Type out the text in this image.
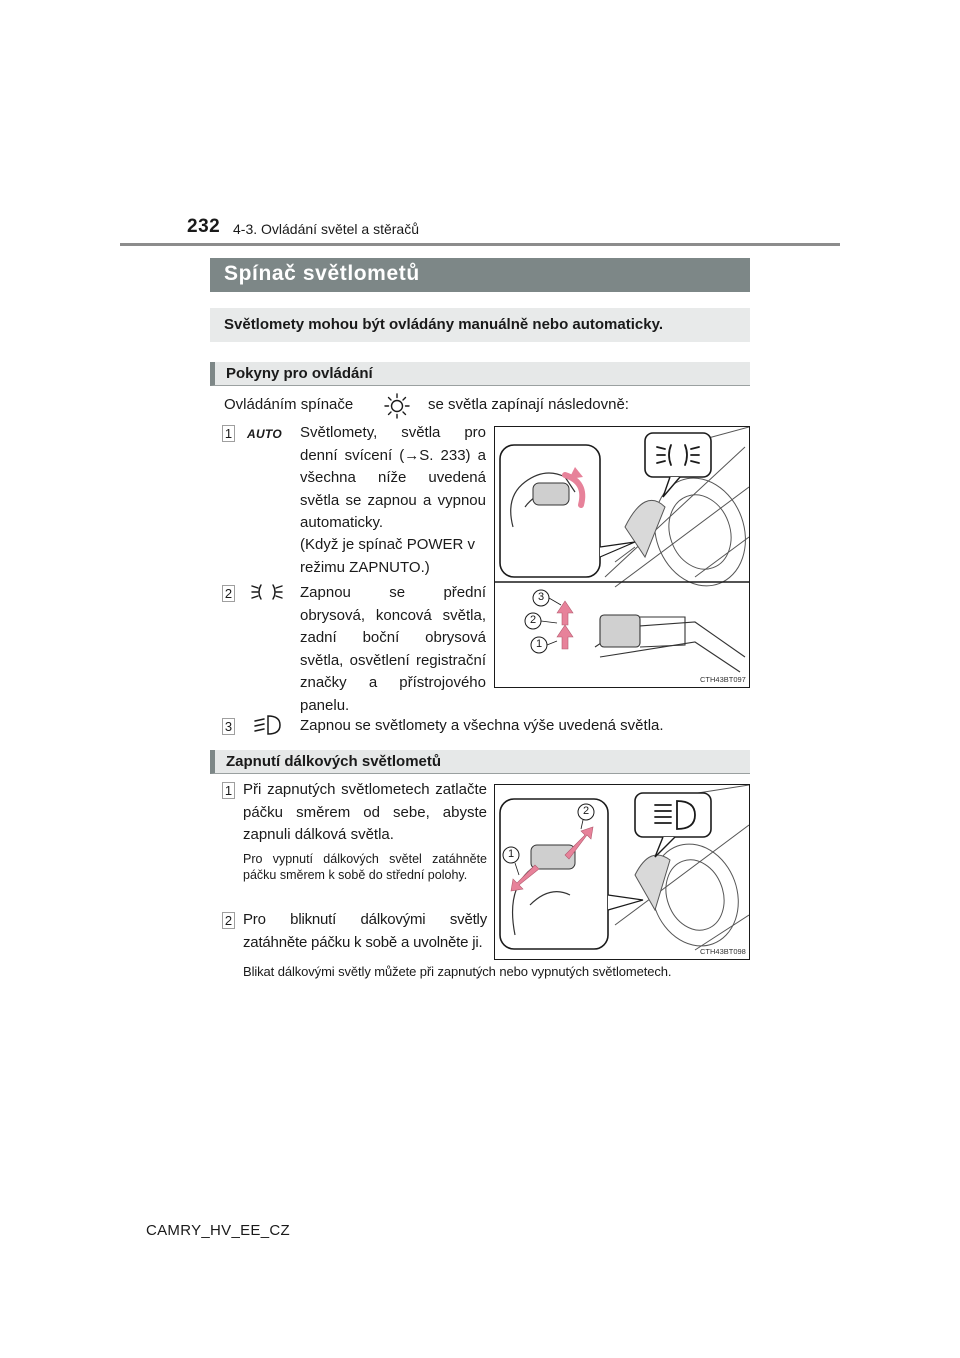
232 4-3. Ovládání světel a stěračů
Spínač světlometů
Světlomety mohou být ovládány manuálně nebo automaticky.
Pokyny pro ovládání
Ovládáním spínače	se světla zapínají následovně:
1 AUTO Světlomety, světla pro denní svícení (→S. 233) a všechna níže uvedená světla se zapnou a vypnou automaticky.
(Když je spínač POWER v režimu ZAPNUTO.)
2	Zapnou se přední obrysová, koncová světla, zadní boční obrysová světla, osvětlení registrační značky a přístrojového panelu.
3	Zapnou se světlomety a všechna výše uvedená světla.
3
2
1
CTH43BT097
Zapnutí dálkových světlometů
1 Při zapnutých světlometech zatlačte páčku směrem od sebe, abyste zapnuli dálková světla.
Pro vypnutí dálkových světel zatáhněte páčku směrem k sobě do střední polohy.
2 Pro bliknutí dálkovými světly zatáhněte páčku k sobě a uvolněte ji.
1
2
CTH43BT098
Blikat dálkovými světly můžete při zapnutých nebo vypnutých světlometech.
CAMRY_HV_EE_CZ
